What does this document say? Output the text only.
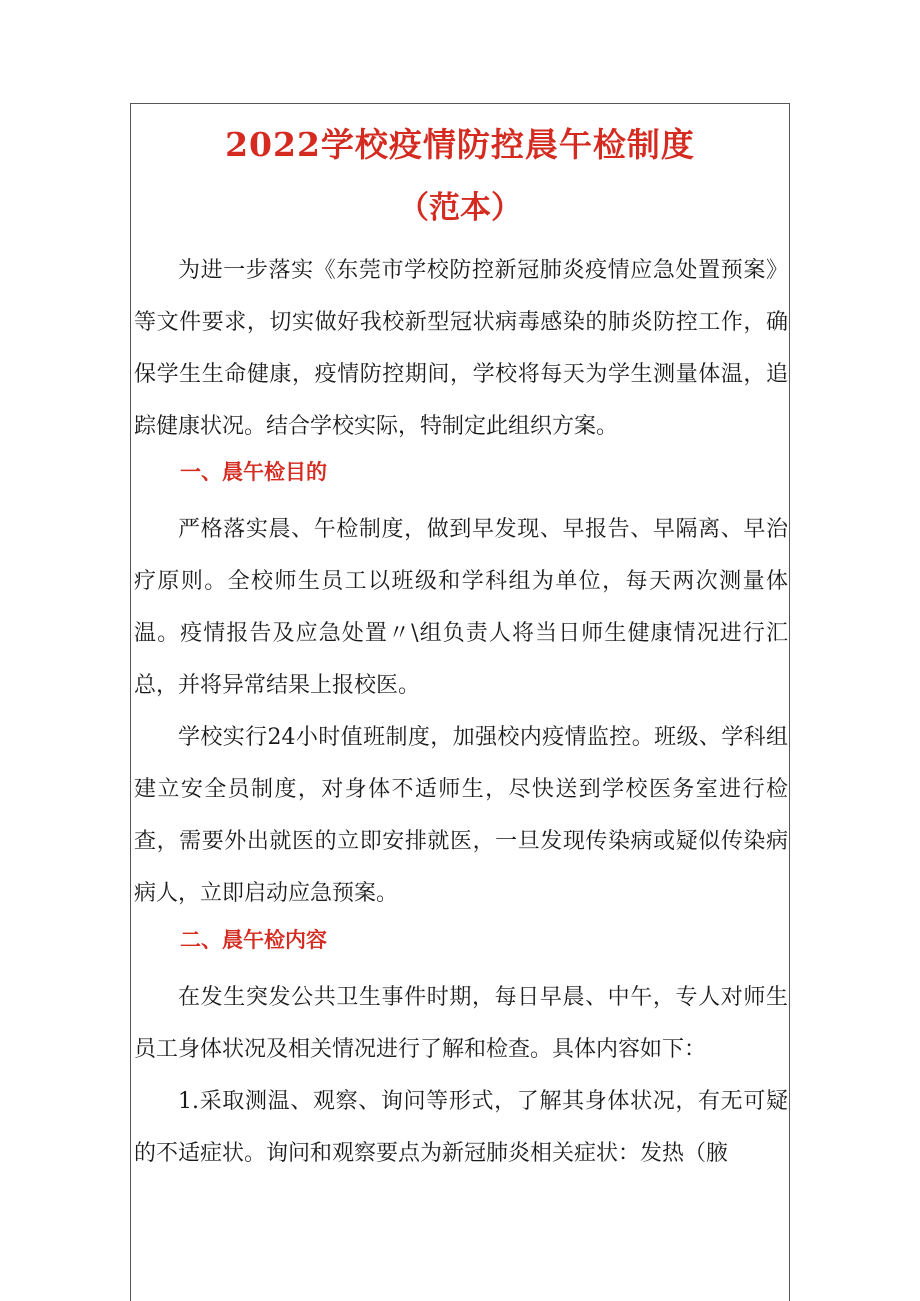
2022学校疫情防控晨午检制度
（范本）

为进一步落实《东莞市学校防控新冠肺炎疫情应急处置预案》等文件要求，切实做好我校新型冠状病毒感染的肺炎防控工作，确保学生生命健康，疫情防控期间，学校将每天为学生测量体温，追踪健康状况。结合学校实际，特制定此组织方案。

一、晨午检目的

严格落实晨、午检制度，做到早发现、早报告、早隔离、早治疗原则。全校师生员工以班级和学科组为单位，每天两次测量体温。疫情报告及应急处置〃\组负责人将当日师生健康情况进行汇总，并将异常结果上报校医。

学校实行24小时值班制度，加强校内疫情监控。班级、学科组建立安全员制度，对身体不适师生，尽快送到学校医务室进行检查，需要外出就医的立即安排就医，一旦发现传染病或疑似传染病病人，立即启动应急预案。

二、晨午检内容

在发生突发公共卫生事件时期，每日早晨、中午，专人对师生员工身体状况及相关情况进行了解和检查。具体内容如下：

1.采取测温、观察、询问等形式，了解其身体状况，有无可疑的不适症状。询问和观察要点为新冠肺炎相关症状：发热（腋
